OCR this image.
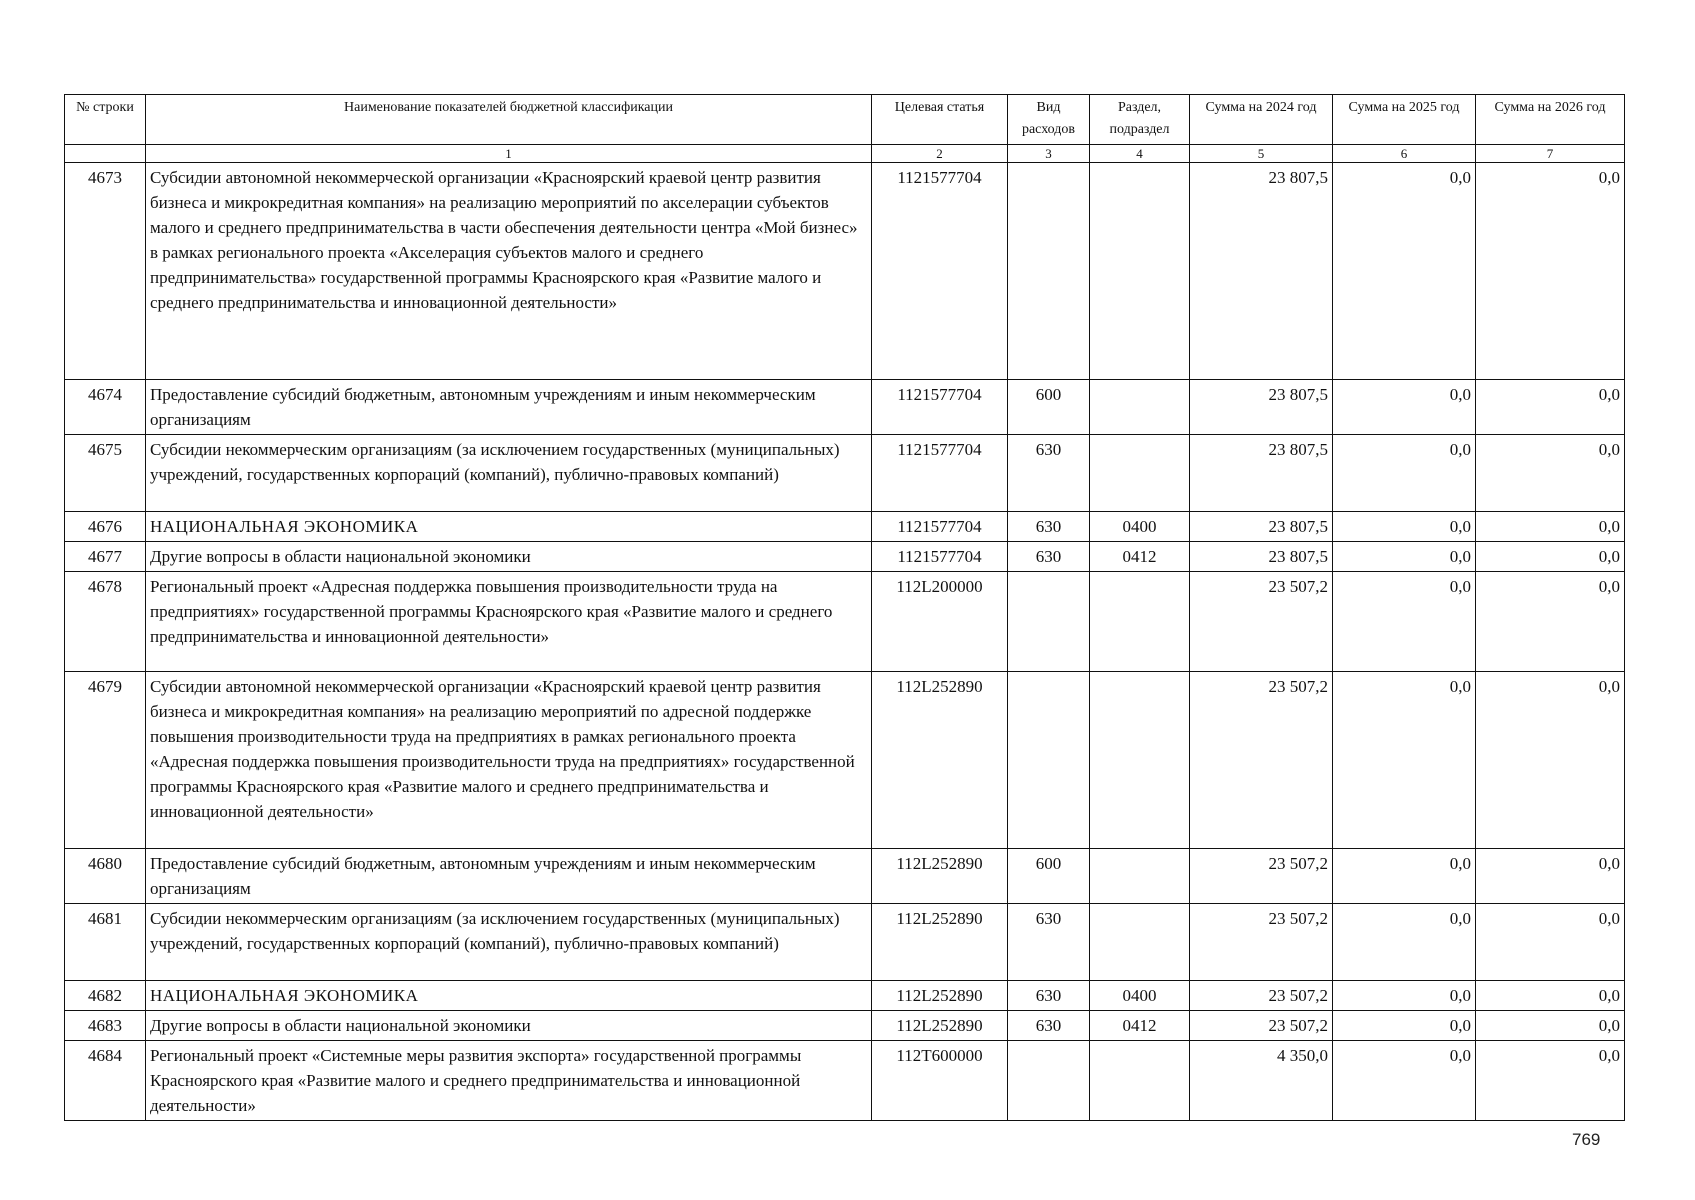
№ строки	Наименование показателей бюджетной классификации	Целевая статья	Вид расходов	Раздел, подраздел	Сумма на 2024 год	Сумма на 2025 год	Сумма на 2026 год
	1	2	3	4	5	6	7
4673	Субсидии автономной некоммерческой организации «Красноярский краевой центр развития бизнеса и микрокредитная компания» на реализацию мероприятий по акселерации субъектов малого и среднего предпринимательства в части обеспечения деятельности центра «Мой бизнес» в рамках регионального проекта «Акселерация субъектов малого и среднего предпринимательства» государственной программы Красноярского края «Развитие малого и среднего предпринимательства и инновационной деятельности»	1121577704			23 807,5	0,0	0,0
4674	Предоставление субсидий бюджетным, автономным учреждениям и иным некоммерческим организациям	1121577704	600		23 807,5	0,0	0,0
4675	Субсидии некоммерческим организациям (за исключением государственных (муниципальных) учреждений, государственных корпораций (компаний), публично-правовых компаний)	1121577704	630		23 807,5	0,0	0,0
4676	НАЦИОНАЛЬНАЯ ЭКОНОМИКА	1121577704	630	0400	23 807,5	0,0	0,0
4677	Другие вопросы в области национальной экономики	1121577704	630	0412	23 807,5	0,0	0,0
4678	Региональный проект «Адресная поддержка повышения производительности труда на предприятиях» государственной программы Красноярского края «Развитие малого и среднего предпринимательства и инновационной деятельности»	112L200000			23 507,2	0,0	0,0
4679	Субсидии автономной некоммерческой организации «Красноярский краевой центр развития бизнеса и микрокредитная компания» на реализацию мероприятий по адресной поддержке повышения производительности труда на предприятиях в рамках регионального проекта «Адресная поддержка повышения производительности труда на предприятиях» государственной программы Красноярского края «Развитие малого и среднего предпринимательства и инновационной деятельности»	112L252890			23 507,2	0,0	0,0
4680	Предоставление субсидий бюджетным, автономным учреждениям и иным некоммерческим организациям	112L252890	600		23 507,2	0,0	0,0
4681	Субсидии некоммерческим организациям (за исключением государственных (муниципальных) учреждений, государственных корпораций (компаний), публично-правовых компаний)	112L252890	630		23 507,2	0,0	0,0
4682	НАЦИОНАЛЬНАЯ ЭКОНОМИКА	112L252890	630	0400	23 507,2	0,0	0,0
4683	Другие вопросы в области национальной экономики	112L252890	630	0412	23 507,2	0,0	0,0
4684	Региональный проект «Системные меры развития экспорта» государственной программы Красноярского края «Развитие малого и среднего предпринимательства и инновационной деятельности»	112T600000			4 350,0	0,0	0,0
769
